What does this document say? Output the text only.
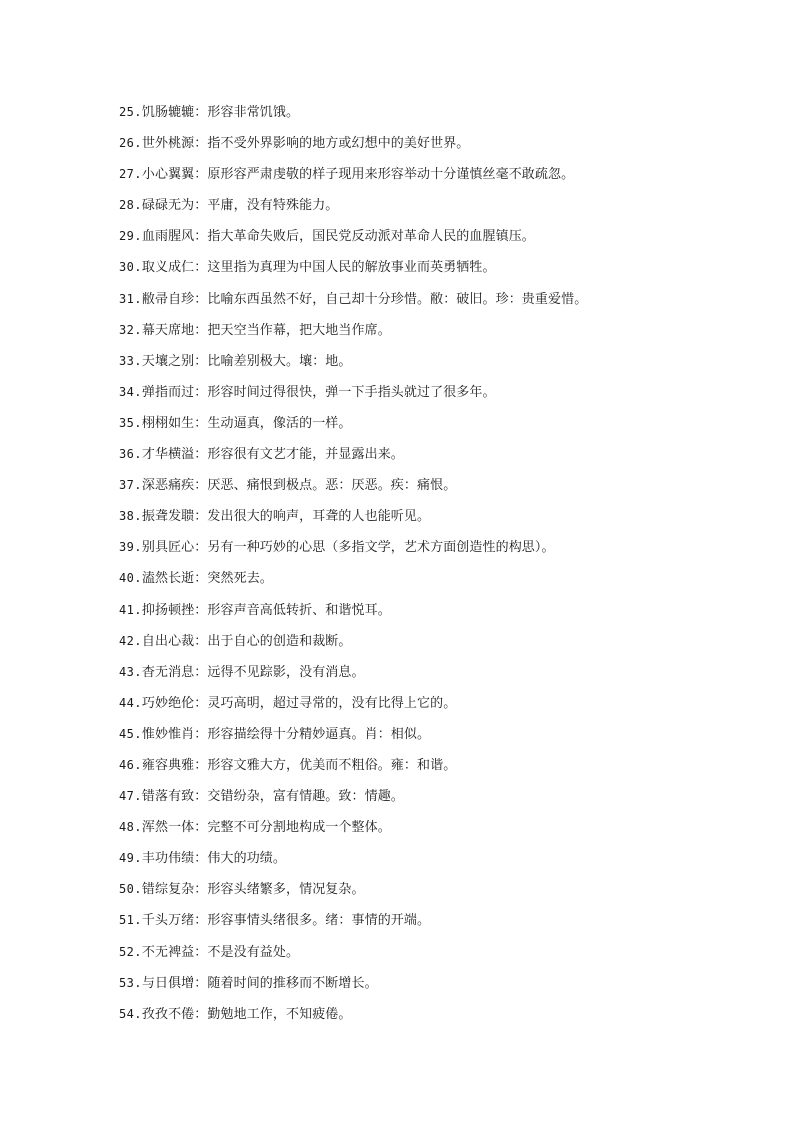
25.饥肠辘辘：形容非常饥饿。
26.世外桃源：指不受外界影响的地方或幻想中的美好世界。
27.小心翼翼：原形容严肃虔敬的样子现用来形容举动十分谨慎丝毫不敢疏忽。
28.碌碌无为：平庸，没有特殊能力。
29.血雨腥风：指大革命失败后，国民党反动派对革命人民的血腥镇压。
30.取义成仁：这里指为真理为中国人民的解放事业而英勇牺牲。
31.敝帚自珍：比喻东西虽然不好，自己却十分珍惜。敝：破旧。珍：贵重爱惜。
32.幕天席地：把天空当作幕，把大地当作席。
33.天壤之别：比喻差别极大。壤：地。
34.弹指而过：形容时间过得很快，弹一下手指头就过了很多年。
35.栩栩如生：生动逼真，像活的一样。
36.才华横溢：形容很有文艺才能，并显露出来。
37.深恶痛疾：厌恶、痛恨到极点。恶：厌恶。疾：痛恨。
38.振聋发聩：发出很大的响声，耳聋的人也能听见。
39.别具匠心：另有一种巧妙的心思（多指文学，艺术方面创造性的构思）。
40.溘然长逝：突然死去。
41.抑扬顿挫：形容声音高低转折、和谐悦耳。
42.自出心裁：出于自心的创造和裁断。
43.杳无消息：远得不见踪影，没有消息。
44.巧妙绝伦：灵巧高明，超过寻常的，没有比得上它的。
45.惟妙惟肖：形容描绘得十分精妙逼真。肖：相似。
46.雍容典雅：形容文雅大方，优美而不粗俗。雍：和谐。
47.错落有致：交错纷杂，富有情趣。致：情趣。
48.浑然一体：完整不可分割地构成一个整体。
49.丰功伟绩：伟大的功绩。
50.错综复杂：形容头绪繁多，情况复杂。
51.千头万绪：形容事情头绪很多。绪：事情的开端。
52.不无裨益：不是没有益处。
53.与日俱增：随着时间的推移而不断增长。
54.孜孜不倦：勤勉地工作，不知疲倦。
